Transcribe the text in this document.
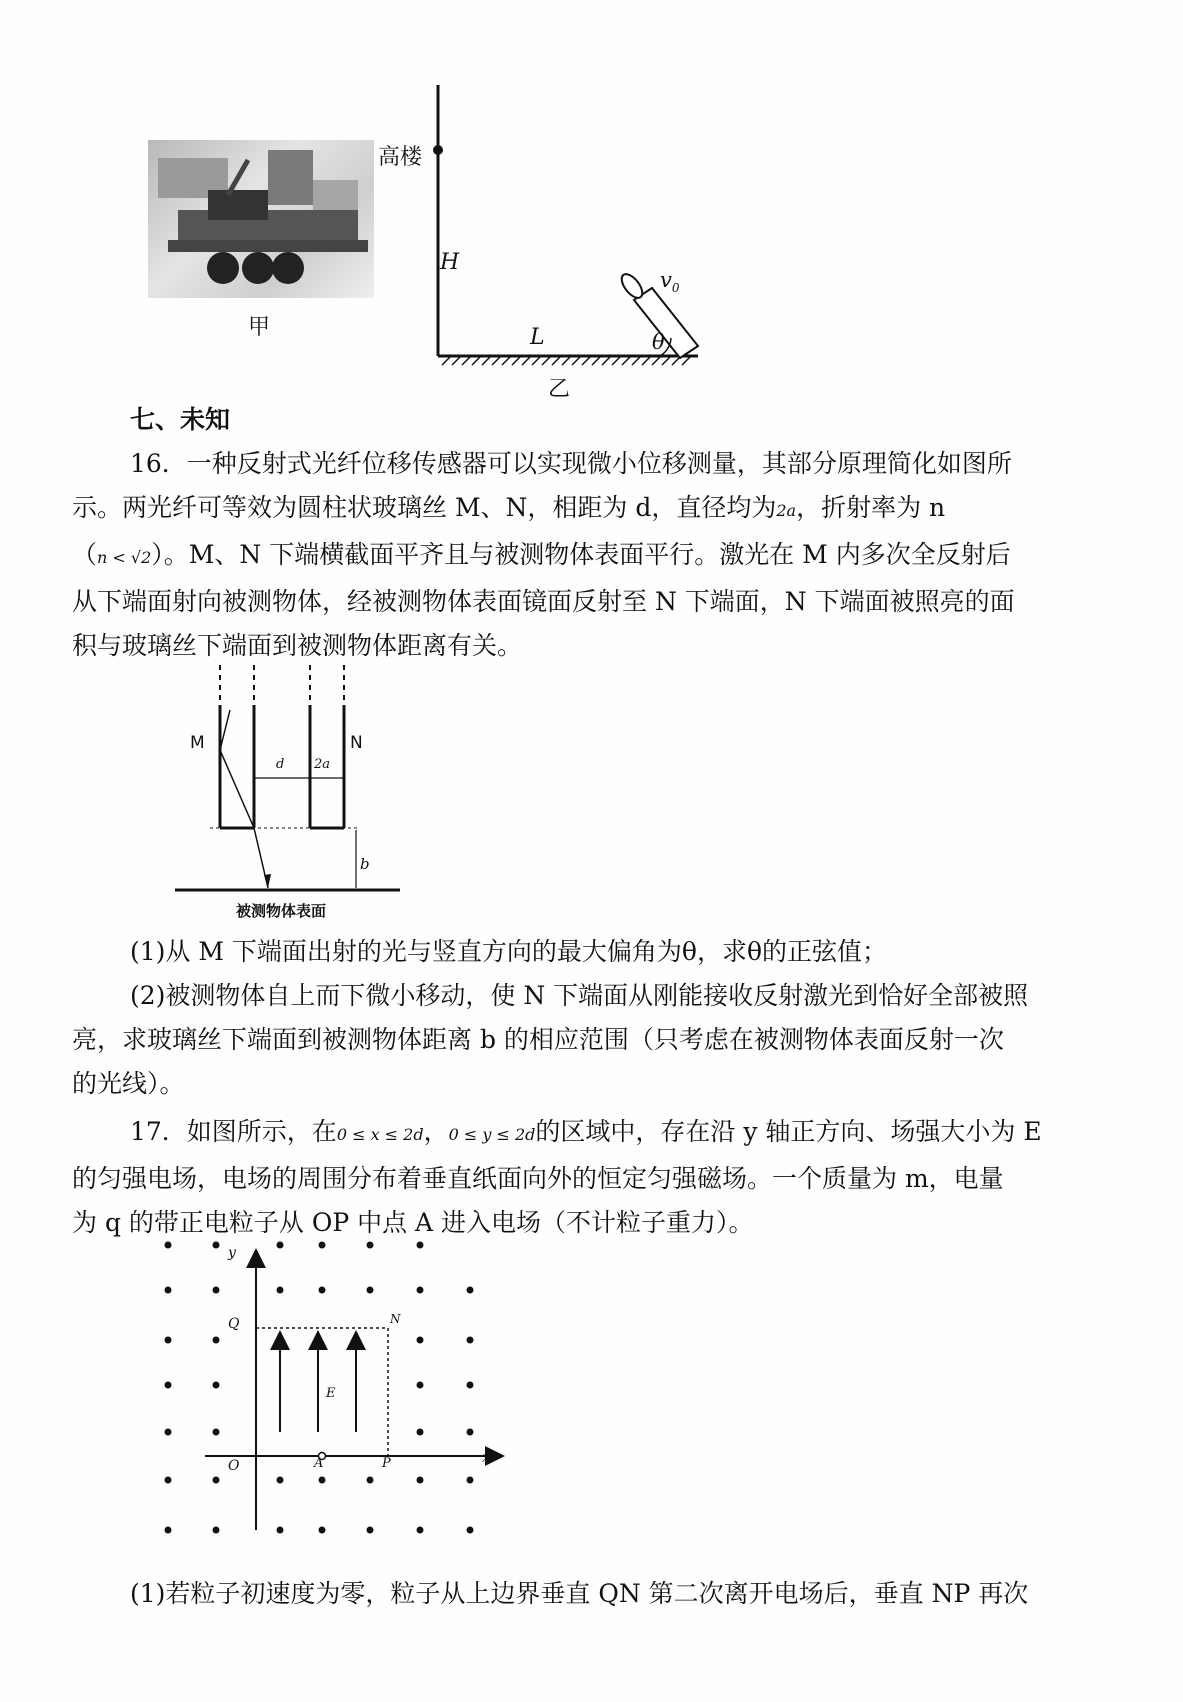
甲
高楼
H
L
$v_0$
θ
乙
七、未知
16．一种反射式光纤位移传感器可以实现微小位移测量，其部分原理简化如图所
示。两光纤可等效为圆柱状玻璃丝 M、N，相距为 d，直径均为2a，折射率为 n
（n < √2）。M、N 下端横截面平齐且与被测物体表面平行。激光在 M 内多次全反射后
从下端面射向被测物体，经被测物体表面镜面反射至 N 下端面，N 下端面被照亮的面
积与玻璃丝下端面到被测物体距离有关。
M	N
d 2a
b
被测物体表面
(1)从 M 下端面出射的光与竖直方向的最大偏角为θ，求θ的正弦值；
(2)被测物体自上而下微小移动，使 N 下端面从刚能接收反射激光到恰好全部被照
亮，求玻璃丝下端面到被测物体距离 b 的相应范围（只考虑在被测物体表面反射一次
的光线）。
17．如图所示，在0 ≤ x ≤ 2d，0 ≤ y ≤ 2d的区域中，存在沿 y 轴正方向、场强大小为 E
的匀强电场，电场的周围分布着垂直纸面向外的恒定匀强磁场。一个质量为 m，电量
为 q 的带正电粒子从 OP 中点 A 进入电场（不计粒子重力）。
y
x
Q	N
O	A	P
E
(1)若粒子初速度为零，粒子从上边界垂直 QN 第二次离开电场后，垂直 NP 再次
